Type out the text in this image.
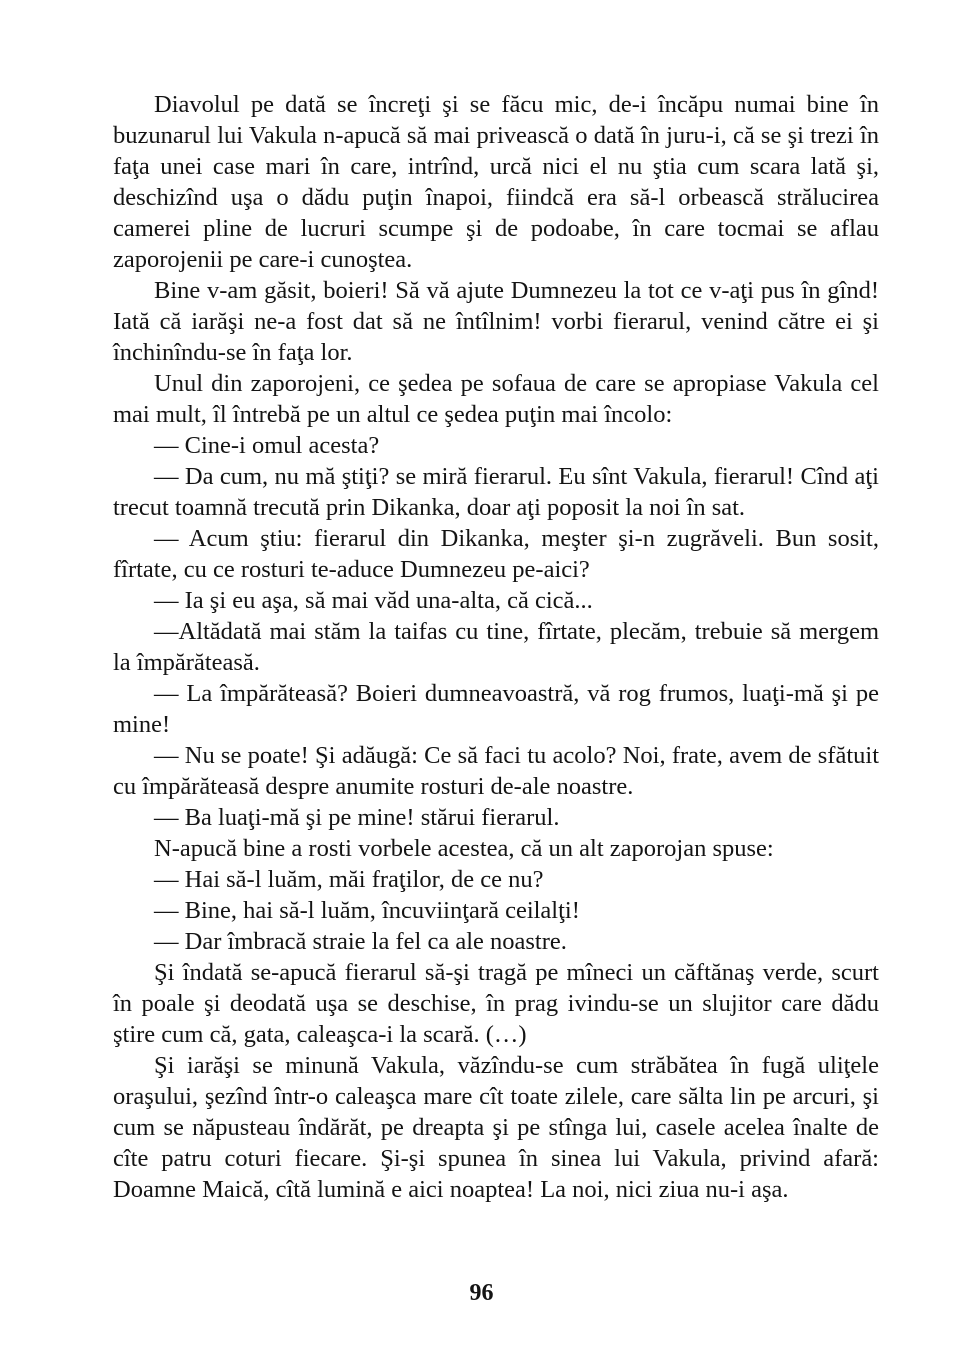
Diavolul pe dată se încreţi şi se făcu mic, de-i încăpu numai bine în buzunarul lui Vakula n-apucă să mai privească o dată în juru-i, că se şi trezi în faţa unei case mari în care, intrînd, urcă nici el nu ştia cum scara lată şi, deschizînd uşa o dădu puţin înapoi, fiindcă era să-l orbească strălucirea camerei pline de lucruri scumpe şi de podoabe, în care tocmai se aflau zaporojenii pe care-i cunoştea.

Bine v-am găsit, boieri! Să vă ajute Dumnezeu la tot ce v-aţi pus în gînd! Iată că iarăşi ne-a fost dat să ne întîlnim! vorbi fierarul, venind către ei şi închinîndu-se în faţa lor.

Unul din zaporojeni, ce şedea pe sofaua de care se apropiase Vakula cel mai mult, îl întrebă pe un altul ce şedea puţin mai încolo:

— Cine-i omul acesta?

— Da cum, nu mă ştiţi? se miră fierarul. Eu sînt Vakula, fierarul! Cînd aţi trecut toamnă trecută prin Dikanka, doar aţi poposit la noi în sat.

— Acum ştiu: fierarul din Dikanka, meşter şi-n zugrăveli. Bun sosit, fîrtate, cu ce rosturi te-aduce Dumnezeu pe-aici?

— Ia şi eu aşa, să mai văd una-alta, că cică...

—Altădată mai stăm la taifas cu tine, fîrtate, plecăm, trebuie să mergem la împărăteasă.

— La împărăteasă? Boieri dumneavoastră, vă rog frumos, luaţi-mă şi pe mine!

— Nu se poate! Şi adăugă: Ce să faci tu acolo? Noi, frate, avem de sfătuit cu împărăteasă despre anumite rosturi de-ale noastre.

— Ba luaţi-mă şi pe mine! stărui fierarul.

N-apucă bine a rosti vorbele acestea, că un alt zaporojan spuse:

— Hai să-l luăm, măi fraţilor, de ce nu?

— Bine, hai să-l luăm, încuviinţară ceilalţi!

— Dar îmbracă straie la fel ca ale noastre.

Şi îndată se-apucă fierarul să-şi tragă pe mîneci un căftănaş verde, scurt în poale şi deodată uşa se deschise, în prag ivindu-se un slujitor care dădu ştire cum că, gata, caleaşca-i la scară. (…)

Şi iarăşi se minună Vakula, văzîndu-se cum străbătea în fugă uliţele oraşului, şezînd într-o caleaşca mare cît toate zilele, care sălta lin pe arcuri, şi cum se năpusteau îndărăt, pe dreapta şi pe stînga lui, casele acelea înalte de cîte patru coturi fiecare. Şi-şi spunea în sinea lui Vakula, privind afară: Doamne Maică, cîtă lumină e aici noaptea! La noi, nici ziua nu-i aşa.

96
